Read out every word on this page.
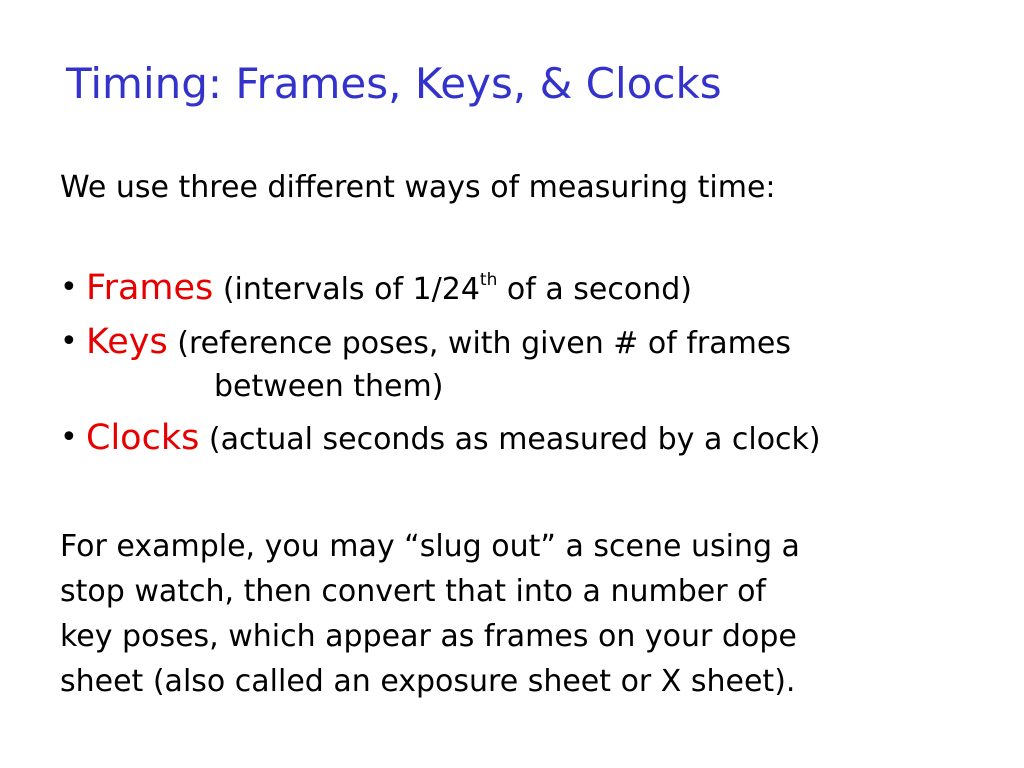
Timing: Frames, Keys, & Clocks
We use three different ways of measuring time:
• Frames (intervals of 1/24th of a second)
• Keys (reference poses, with given # of frames
between them)
• Clocks (actual seconds as measured by a clock)
For example, you may “slug out” a scene using a
stop watch, then convert that into a number of
key poses, which appear as frames on your dope
sheet (also called an exposure sheet or X sheet).
